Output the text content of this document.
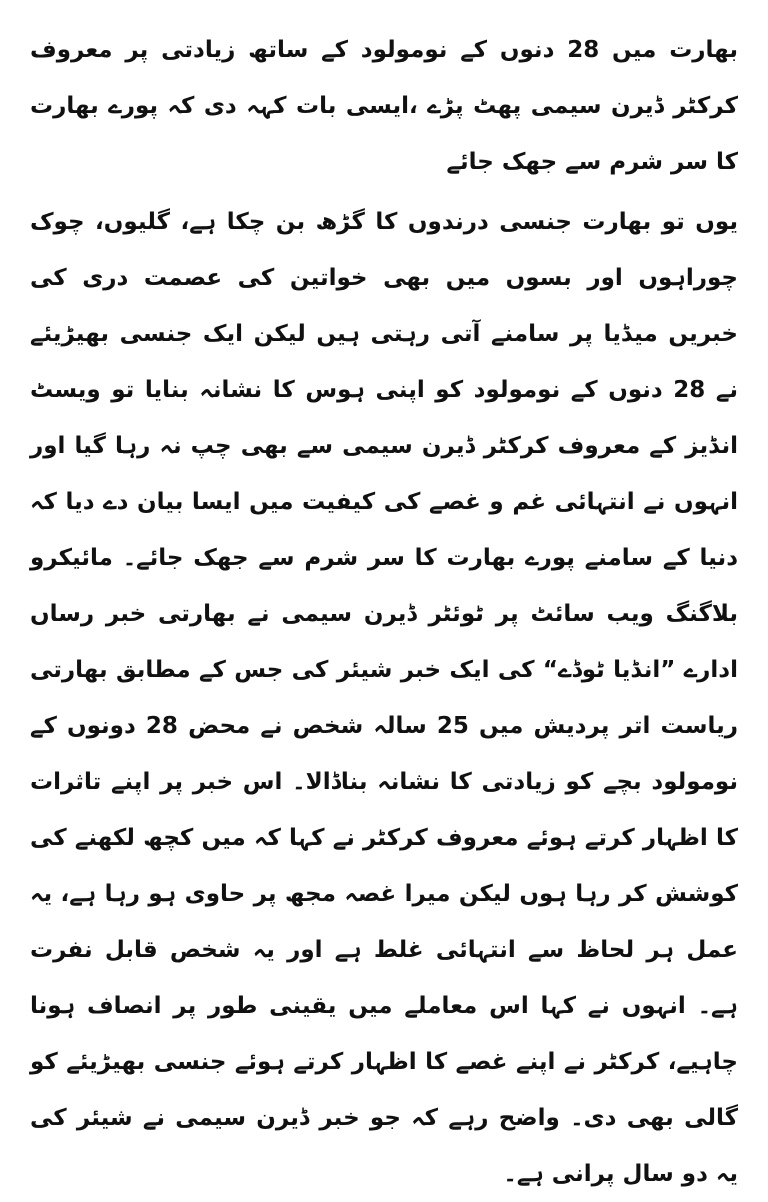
بھارت میں 28 دنوں کے نومولود کے ساتھ زیادتی پر معروف کرکٹر ڈیرن سیمی پھٹ پڑے ،ایسی بات کہہ دی کہ پورے بھارت کا سر شرم سے جھک جائے

یوں تو بھارت جنسی درندوں کا گڑھ بن چکا ہے، گلیوں، چوک چوراہوں اور بسوں میں بھی خواتین کی عصمت دری کی خبریں میڈیا پر سامنے آتی رہتی ہیں لیکن ایک جنسی بھیڑیئے نے 28 دنوں کے نومولود کو اپنی ہوس کا نشانہ بنایا تو ویسٹ انڈیز کے معروف کرکٹر ڈیرن سیمی سے بھی چپ نہ رہا گیا اور انہوں نے انتہائی غم و غصے کی کیفیت میں ایسا بیان دے دیا کہ دنیا کے سامنے پورے بھارت کا سر شرم سے جھک جائے۔ مائیکرو بلاگنگ ویب سائٹ پر ٹوئٹر ڈیرن سیمی نے بھارتی خبر رساں ادارے ”انڈیا ٹوڈے“ کی ایک خبر شیئر کی جس کے مطابق بھارتی ریاست اتر پردیش میں 25 سالہ شخص نے محض 28 دونوں کے نومولود بچے کو زیادتی کا نشانہ بناڈالا۔ اس خبر پر اپنے تاثرات کا اظہار کرتے ہوئے معروف کرکٹر نے کہا کہ میں کچھ لکھنے کی کوشش کر رہا ہوں لیکن میرا غصہ مجھ پر حاوی ہو رہا ہے، یہ عمل ہر لحاظ سے انتہائی غلط ہے اور یہ شخص قابل نفرت ہے۔ انہوں نے کہا اس معاملے میں یقینی طور پر انصاف ہونا چاہیے، کرکٹر نے اپنے غصے کا اظہار کرتے ہوئے جنسی بھیڑیئے کو گالی بھی دی۔ واضح رہے کہ جو خبر ڈیرن سیمی نے شیئر کی یہ دو سال پرانی ہے۔
